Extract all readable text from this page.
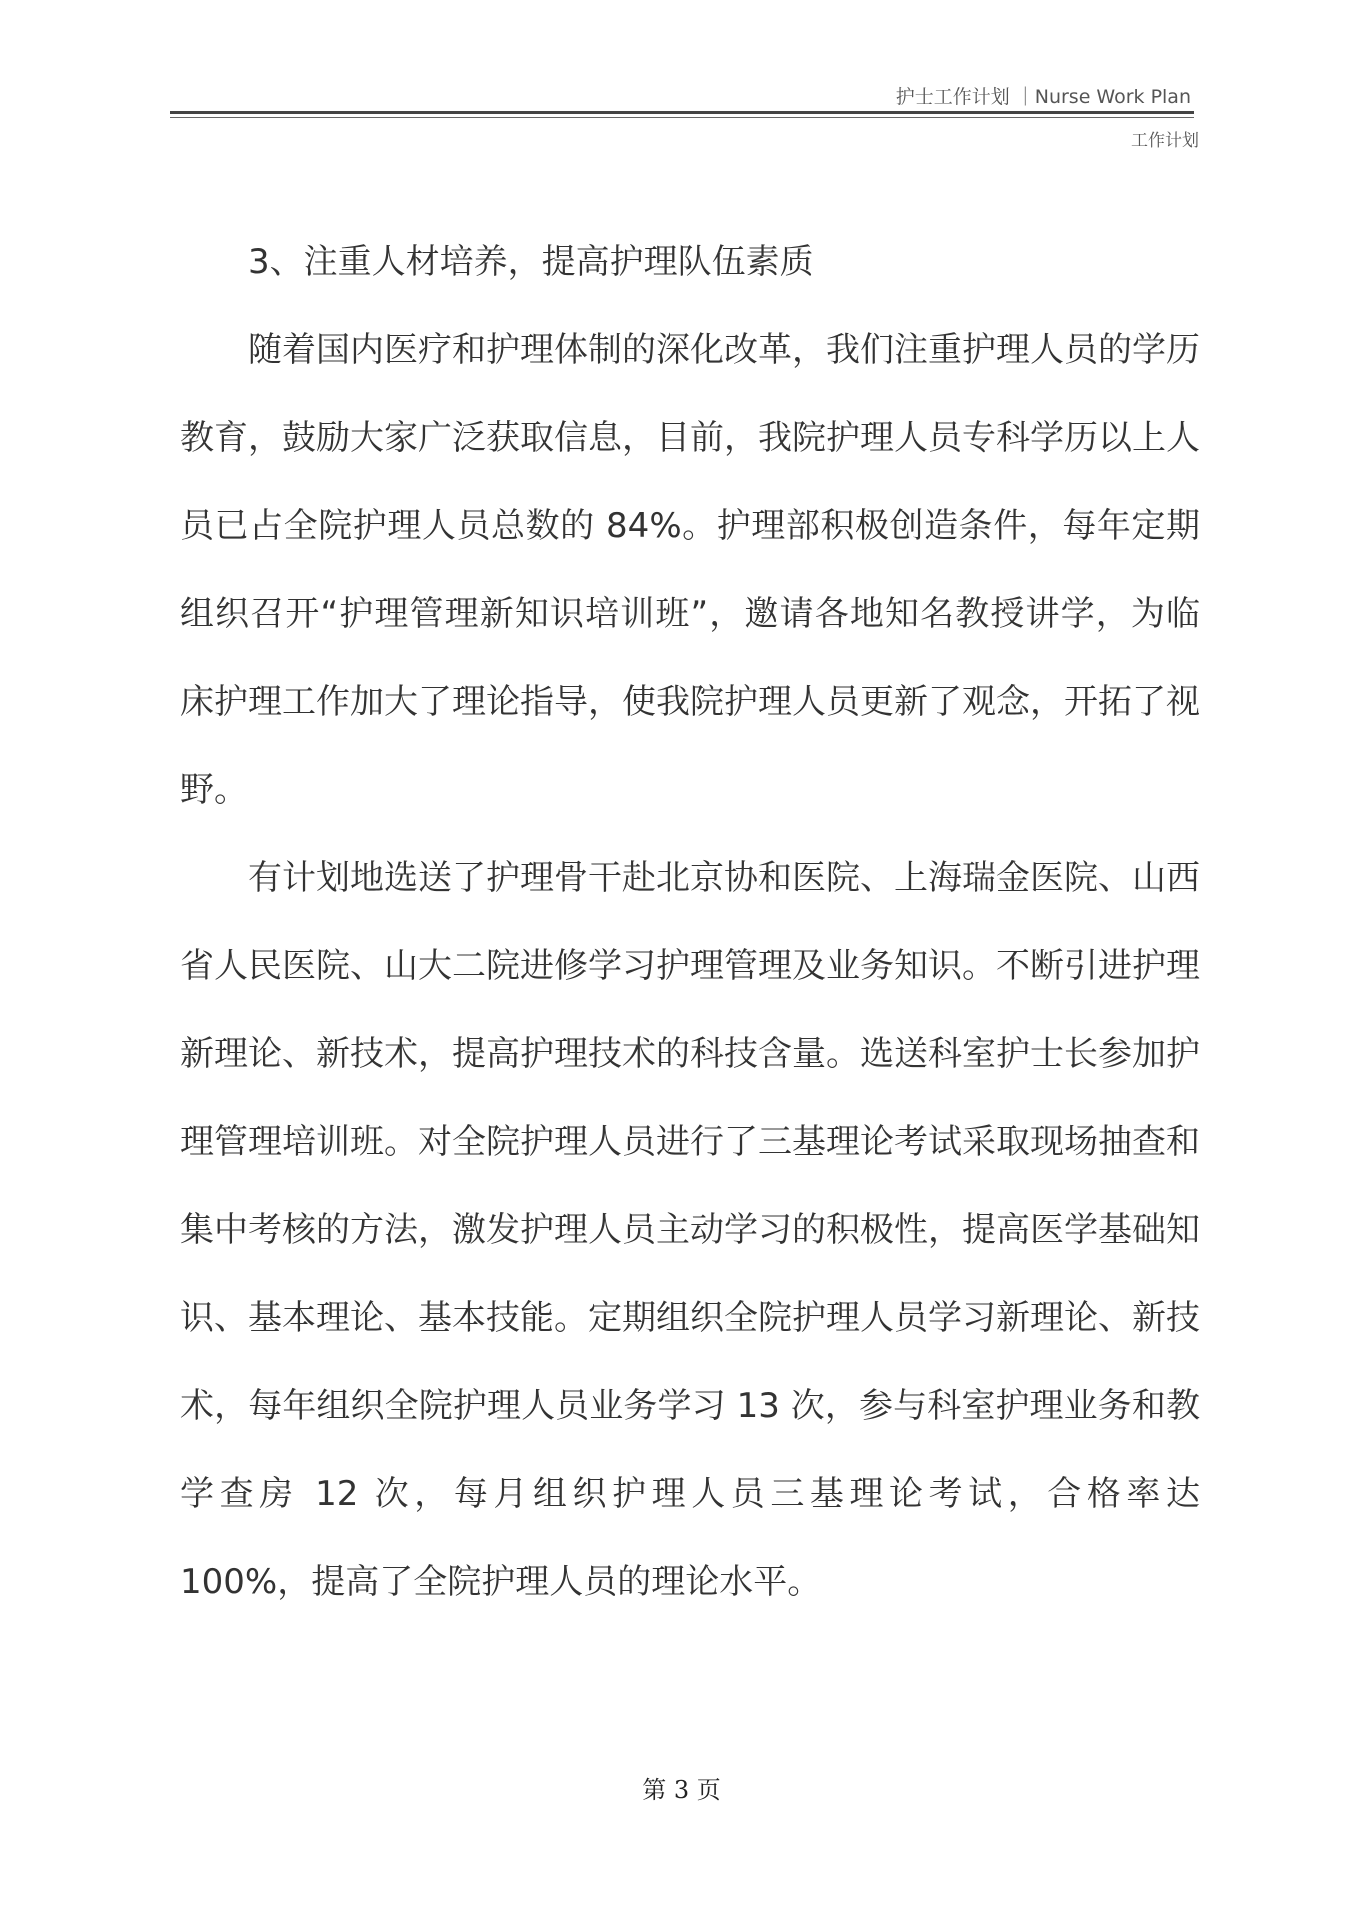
护士工作计划 ｜Nurse Work Plan
工作计划

3、注重人材培养，提高护理队伍素质

随着国内医疗和护理体制的深化改革，我们注重护理人员的学历教育，鼓励大家广泛获取信息，目前，我院护理人员专科学历以上人员已占全院护理人员总数的 84%。护理部积极创造条件，每年定期组织召开“护理管理新知识培训班”，邀请各地知名教授讲学，为临床护理工作加大了理论指导，使我院护理人员更新了观念，开拓了视野。

有计划地选送了护理骨干赴北京协和医院、上海瑞金医院、山西省人民医院、山大二院进修学习护理管理及业务知识。不断引进护理新理论、新技术，提高护理技术的科技含量。选送科室护士长参加护理管理培训班。对全院护理人员进行了三基理论考试采取现场抽查和集中考核的方法，激发护理人员主动学习的积极性，提高医学基础知识、基本理论、基本技能。定期组织全院护理人员学习新理论、新技术，每年组织全院护理人员业务学习 13 次，参与科室护理业务和教学查房 12 次，每月组织护理人员三基理论考试，合格率达 100%，提高了全院护理人员的理论水平。

第 3 页
